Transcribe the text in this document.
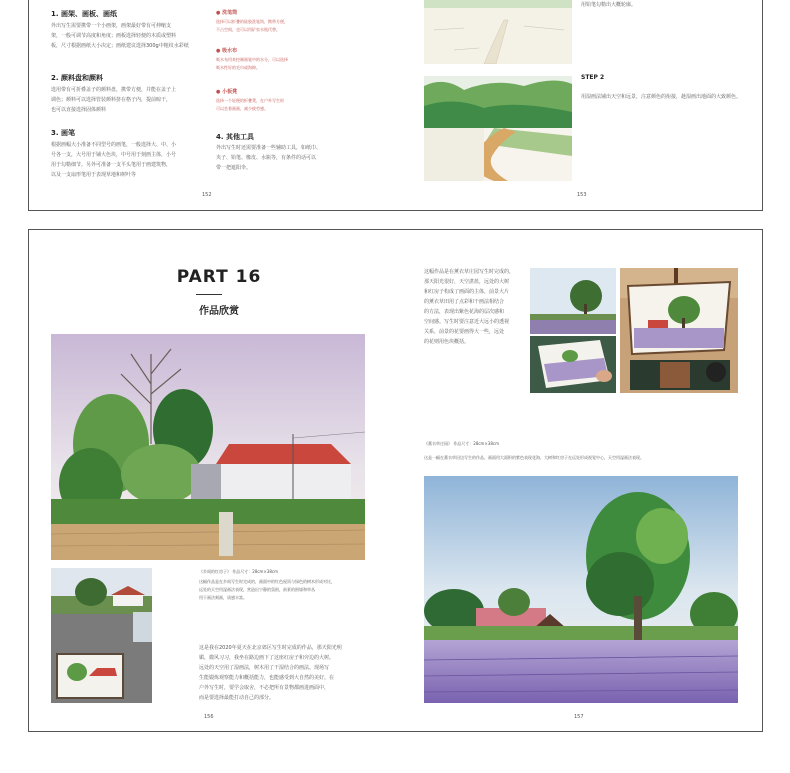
1. 画架、画板、画纸
外出写生需要携带一个小画架，画架最好带有可伸缩支
架，一般可调节高度和角度；画板选择轻便的木质或塑料
板，尺寸根据画纸大小决定；画纸建议选择300g中粗纹水彩纸
2. 颜料盘和颜料
选用带有可折叠盖子的颜料盘，携带方便，并能在盖子上
调色；颜料可以选择管装颜料挤在格子内，提前晾干，
也可以直接选择固体颜料
3. 画笔
根据画幅大小准备不同型号的画笔，一般选择大、中、小
号各一支，大号用于铺大色块，中号用于刻画主体，小号
用于勾勒细节。另外可准备一支平头笔用于画建筑物，
以及一支扇形笔用于表现草地和树叶等
152
● 洗笔筒
选择可以折叠的硅胶洗笔筒，携带方便，
不占空间，也可以用矿泉水瓶代替。
● 吸水布
吸水布用来控制画笔中的水分，可以选择
吸水性好的毛巾或海绵。
● 小板凳
选择一个轻便的折叠凳，在户外写生时
可以坐着画画，减少疲劳感。
4. 其他工具
外出写生时还需要准备一些辅助工具，如纸巾、
夹子、铅笔、橡皮、水瓶等，有条件的话可以
带一把遮阳伞。
用铅笔勾勒出大概轮廓。
STEP 2
用湿画法铺出天空和远景，注意颜色的衔接，趁湿画出地面的大致颜色。
153
PART 16
作品欣赏
《乡间的红房子》 作品尺寸：28cm×38cm
这幅作品是在乡间写生时完成的，画面中的红色屋顶与绿色的树木形成对比，
远处的天空用湿画法表现，营造出宁静的氛围，前景的围墙和草丛
用干画法刻画，质感丰富。
这是我在2020年夏天在北京郊区写生时完成的作品，那天阳光明
媚，微风习习，我坐在路边画下了这座红房子和旁边的大树。
远处的天空用了湿画法，树木用了干湿结合的画法。现场写
生能锻炼观察能力和概括能力，也能感受到大自然的美好。在
户外写生时，要学会取舍，不必把所有景物都画进画面中，
而是要选择最能打动自己的部分。
156
这幅作品是在薰衣草庄园写生时完成的，
那天阳光很好，天空湛蓝，远处的大树
和红房子构成了画面的主体，前景大片
的薰衣草田用了点彩和干画法相结合
的方法，表现出紫色花海的层次感和
空间感。写生时要注意近大远小的透视
关系，前景的花要画得大一些，远处
的花则用色块概括。
《薰衣草庄园》 作品尺寸：28cm×38cm
这是一幅在薰衣草田边写生的作品，画面用大面积的紫色表现花海，大树和红房子在远处形成视觉中心，天空用湿画法表现。
157
